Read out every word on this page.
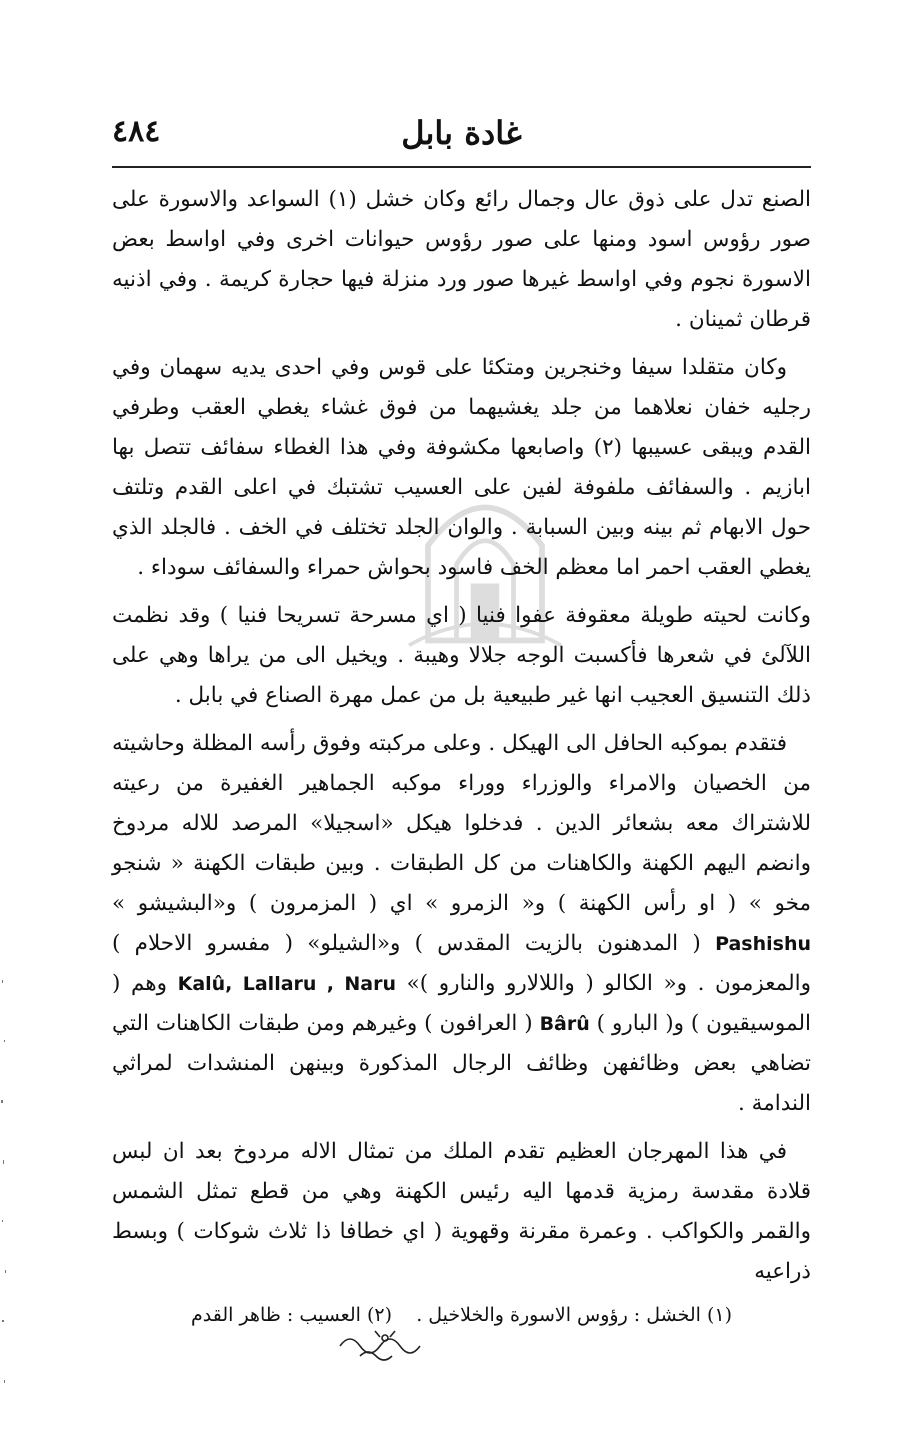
٤٨٤	غادة بابل

الصنع تدل على ذوق عال وجمال رائع وكان خشل (١) السواعد والاسورة على صور رؤوس اسود ومنها على صور رؤوس حيوانات اخرى وفي اواسط بعض الاسورة نجوم وفي اواسط غيرها صور ورد منزلة فيها حجارة كريمة . وفي اذنيه قرطان ثمينان .

وكان متقلدا سيفا وخنجرين ومتكئا على قوس وفي احدى يديه سهمان وفي رجليه خفان نعلاهما من جلد يغشيهما من فوق غشاء يغطي العقب وطرفي القدم ويبقى عسيبها (٢) واصابعها مكشوفة وفي هذا الغطاء سفائف تتصل بها ابازيم . والسفائف ملفوفة لفين على العسيب تشتبك في اعلى القدم وتلتف حول الابهام ثم بينه وبين السبابة . والوان الجلد تختلف في الخف . فالجلد الذي يغطي العقب احمر اما معظم الخف فاسود بحواش حمراء والسفائف سوداء .

وكانت لحيته طويلة معقوفة عفوا فنيا ( اي مسرحة تسريحا فنيا ) وقد نظمت اللآلئ في شعرها فأكسبت الوجه جلالا وهيبة . ويخيل الى من يراها وهي على ذلك التنسيق العجيب انها غير طبيعية بل من عمل مهرة الصناع في بابل .

فتقدم بموكبه الحافل الى الهيكل . وعلى مركبته وفوق رأسه المظلة وحاشيته من الخصيان والامراء والوزراء ووراء موكبه الجماهير الغفيرة من رعيته للاشتراك معه بشعائر الدين . فدخلوا هيكل «اسجيلا» المرصد للاله مردوخ وانضم اليهم الكهنة والكاهنات من كل الطبقات . وبين طبقات الكهنة « شنجو مخو » ( او رأس الكهنة ) و« الزمرو » اي ( المزمرون ) و«البشيشو » Pashishu ( المدهنون بالزيت المقدس ) و«الشيلو» ( مفسرو الاحلام ) والمعزمون . و« الكالو ( واللالارو والنارو )» Kalû, Lallaru , Naru وهم ( الموسيقيون ) و( البارو ) Bârû ( العرافون ) وغيرهم ومن طبقات الكاهنات التي تضاهي بعض وظائفهن وظائف الرجال المذكورة وبينهن المنشدات لمراثي الندامة .

في هذا المهرجان العظيم تقدم الملك من تمثال الاله مردوخ بعد ان لبس قلادة مقدسة رمزية قدمها اليه رئيس الكهنة وهي من قطع تمثل الشمس والقمر والكواكب . وعمرة مقرنة وقهوية ( اي خطافا ذا ثلاث شوكات ) وبسط ذراعيه

(١) الخشل : رؤوس الاسورة والخلاخيل .    (٢) العسيب : ظاهر القدم
